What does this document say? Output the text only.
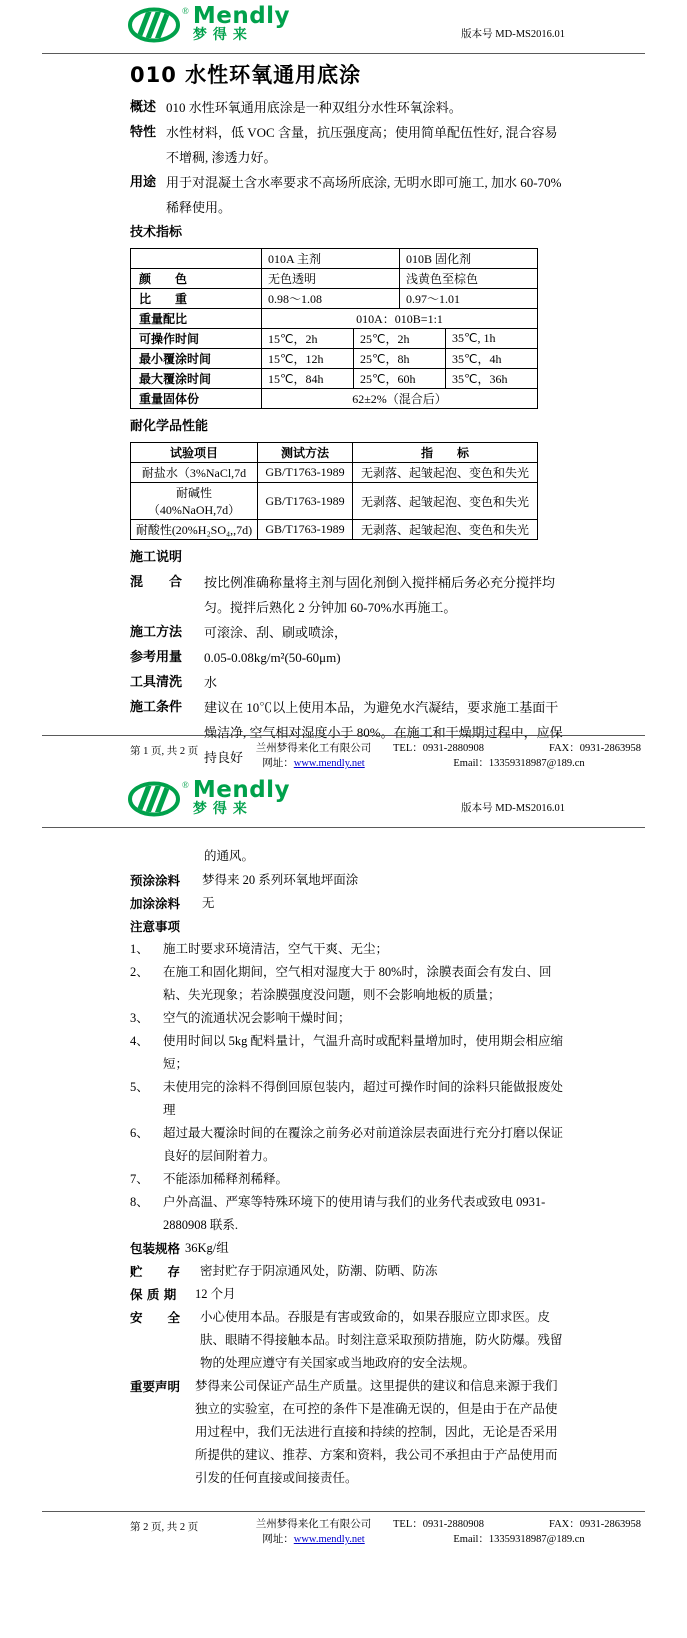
® Mendly
梦得来	版本号 MD-MS2016.01
010 水性环氧通用底涂
概述 010 水性环氧通用底涂是一种双组分水性环氧涂料。
特性 水性材料，低 VOC 含量，抗压强度高；使用简单配伍性好, 混合容易不增稠, 渗透力好。
用途 用于对混凝土含水率要求不高场所底涂, 无明水即可施工, 加水 60-70%稀释使用。
技术指标
	010A 主剂		010B 固化剂	
颜　　色	无色透明		浅黄色至棕色	
比　　重	0.98～1.08		0.97～1.01	
重量配比	010A：010B=1:1			
可操作时间	15℃，2h	25℃，2h		35℃, 1h
最小覆涂时间	15℃，12h	25℃，8h		35℃，4h
最大覆涂时间	15℃，84h	25℃，60h		35℃，36h
重量固体份	62±2%（混合后）			
耐化学品性能
试验项目	测试方法	指　　标
耐盐水（3%NaCl,7d	GB/T1763-1989	无剥落、起皱起泡、变色和失光
耐碱性（40%NaOH,7d）	GB/T1763-1989	无剥落、起皱起泡、变色和失光
耐酸性(20%H₂SO₄,,7d)	GB/T1763-1989	无剥落、起皱起泡、变色和失光
施工说明
混　　合	按比例准确称量将主剂与固化剂倒入搅拌桶后务必充分搅拌均匀。搅拌后熟化 2 分钟加 60-70%水再施工。
施工方法	可滚涂、刮、刷或喷涂，
参考用量	0.05-0.08kg/m²(50-60μm)
工具清洗	水
施工条件	建议在 10℃以上使用本品，为避免水汽凝结，要求施工基面干燥洁净, 空气相对湿度小于 80%。在施工和干燥期过程中，应保持良好
第 1 页, 共 2 页	兰州梦得来化工有限公司
网址：www.mendly.net
TEL：0931-2880908	FAX：0931-2863958
Email：13359318987@189.cn
® Mendly
梦得来	版本号 MD-MS2016.01
的通风。
预涂涂料	梦得来 20 系列环氧地坪面涂
加涂涂料	无
注意事项
1、	施工时要求环境清洁，空气干爽、无尘；
2、	在施工和固化期间，空气相对湿度大于 80%时，涂膜表面会有发白、回粘、失光现象；若涂膜强度没问题，则不会影响地板的质量；
3、	空气的流通状况会影响干燥时间；
4、	使用时间以 5kg 配料量计，气温升高时或配料量增加时，使用期会相应缩短；
5、	未使用完的涂料不得倒回原包装内，超过可操作时间的涂料只能做报废处理
6、	超过最大覆涂时间的在覆涂之前务必对前道涂层表面进行充分打磨以保证良好的层间附着力。
7、	不能添加稀释剂稀释。
8、	户外高温、严寒等特殊环境下的使用请与我们的业务代表或致电 0931-2880908 联系.
包装规格 36Kg/组
贮　　存	密封贮存于阴凉通风处，防潮、防晒、防冻
保 质 期	12 个月
安　　全	小心使用本品。吞服是有害或致命的，如果吞服应立即求医。皮肤、眼睛不得接触本品。时刻注意采取预防措施，防火防爆。残留物的处理应遵守有关国家或当地政府的安全法规。
重要声明	梦得来公司保证产品生产质量。这里提供的建议和信息来源于我们独立的实验室，在可控的条件下是准确无误的，但是由于在产品使用过程中，我们无法进行直接和持续的控制，因此，无论是否采用所提供的建议、推荐、方案和资料，我公司不承担由于产品使用而引发的任何直接或间接责任。
第 2 页, 共 2 页	兰州梦得来化工有限公司
网址：www.mendly.net
TEL：0931-2880908	FAX：0931-2863958
Email：13359318987@189.cn
